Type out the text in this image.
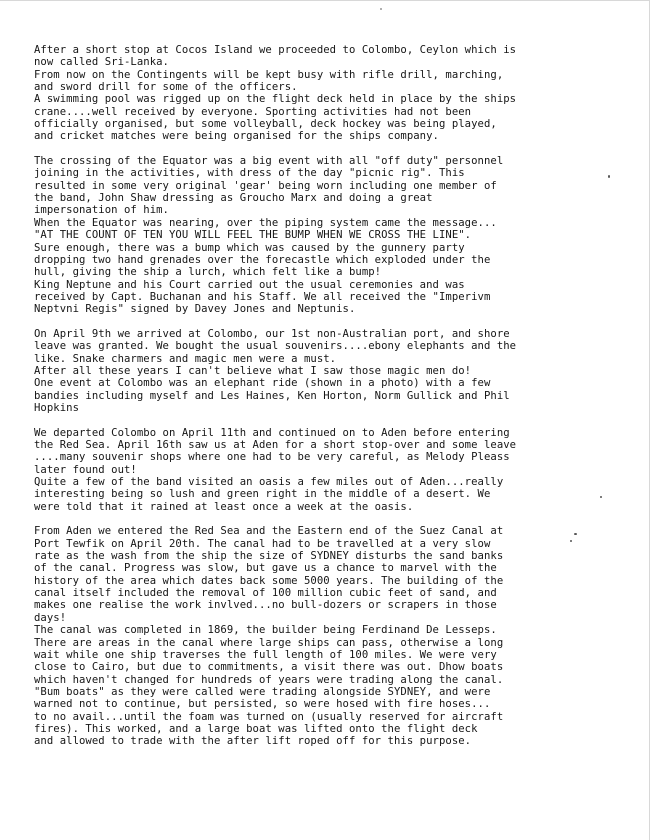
After a short stop at Cocos Island we proceeded to Colombo, Ceylon which is
now called Sri-Lanka.
From now on the Contingents will be kept busy with rifle drill, marching,
and sword drill for some of the officers.
A swimming pool was rigged up on the flight deck held in place by the ships
crane....well received by everyone. Sporting activities had not been
officially organised, but some volleyball, deck hockey was being played,
and cricket matches were being organised for the ships company.
The crossing of the Equator was a big event with all "off duty" personnel
joining in the activities, with dress of the day "picnic rig". This
resulted in some very original 'gear' being worn including one member of
the band, John Shaw dressing as Groucho Marx and doing a great
impersonation of him.
When the Equator was nearing, over the piping system came the message...
"AT THE COUNT OF TEN YOU WILL FEEL THE BUMP WHEN WE CROSS THE LINE".
Sure enough, there was a bump which was caused by the gunnery party
dropping two hand grenades over the forecastle which exploded under the
hull, giving the ship a lurch, which felt like a bump!
King Neptune and his Court carried out the usual ceremonies and was
received by Capt. Buchanan and his Staff. We all received the "Imperivm
Neptvni Regis" signed by Davey Jones and Neptunis.
On April 9th we arrived at Colombo, our 1st non-Australian port, and shore
leave was granted. We bought the usual souvenirs....ebony elephants and the
like. Snake charmers and magic men were a must.
After all these years I can't believe what I saw those magic men do!
One event at Colombo was an elephant ride (shown in a photo) with a few
bandies including myself and Les Haines, Ken Horton, Norm Gullick and Phil
Hopkins
We departed Colombo on April 11th and continued on to Aden before entering
the Red Sea. April 16th saw us at Aden for a short stop-over and some leave
....many souvenir shops where one had to be very careful, as Melody Pleass
later found out!
Quite a few of the band visited an oasis a few miles out of Aden...really
interesting being so lush and green right in the middle of a desert. We
were told that it rained at least once a week at the oasis.
From Aden we entered the Red Sea and the Eastern end of the Suez Canal at
Port Tewfik on April 20th. The canal had to be travelled at a very slow
rate as the wash from the ship the size of SYDNEY disturbs the sand banks
of the canal. Progress was slow, but gave us a chance to marvel with the
history of the area which dates back some 5000 years. The building of the
canal itself included the removal of 100 million cubic feet of sand, and
makes one realise the work invlved...no bull-dozers or scrapers in those
days!
The canal was completed in 1869, the builder being Ferdinand De Lesseps.
There are areas in the canal where large ships can pass, otherwise a long
wait while one ship traverses the full length of 100 miles. We were very
close to Cairo, but due to commitments, a visit there was out. Dhow boats
which haven't changed for hundreds of years were trading along the canal.
"Bum boats" as they were called were trading alongside SYDNEY, and were
warned not to continue, but persisted, so were hosed with fire hoses...
to no avail...until the foam was turned on (usually reserved for aircraft
fires). This worked, and a large boat was lifted onto the flight deck
and allowed to trade with the after lift roped off for this purpose.
